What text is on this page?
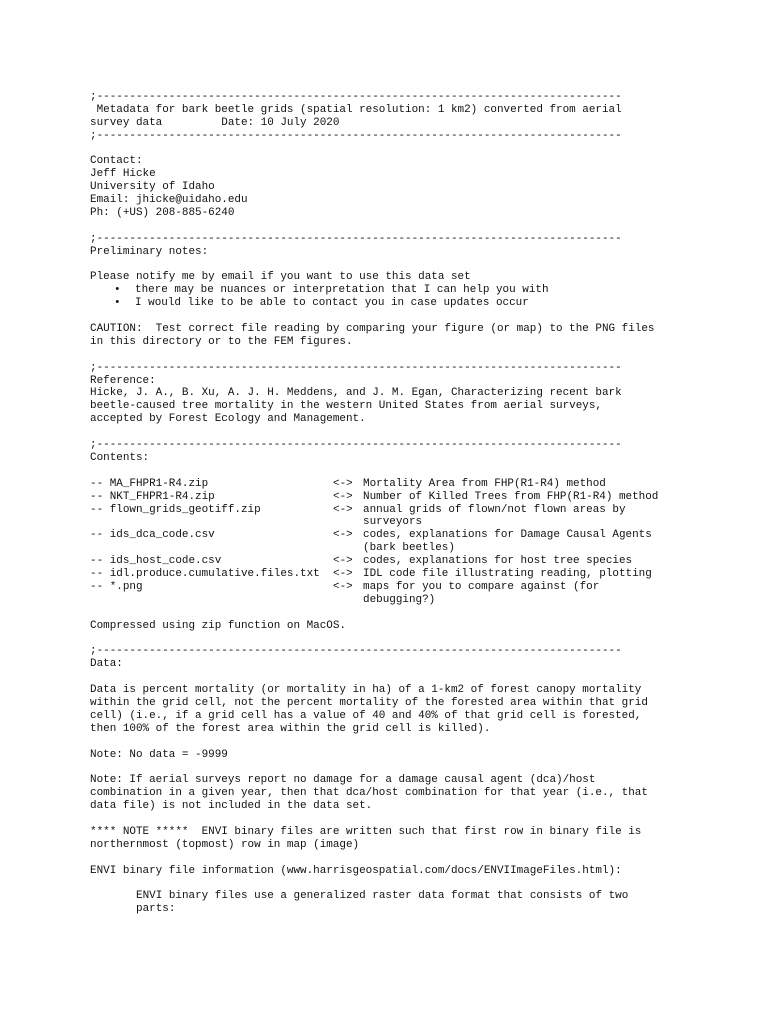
;--------------------------------------------------------------------------------
Metadata for bark beetle grids (spatial resolution: 1 km2) converted from aerial
survey data         Date: 10 July 2020
;--------------------------------------------------------------------------------
Contact:
Jeff Hicke
University of Idaho
Email: jhicke@uidaho.edu
Ph: (+US) 208-885-6240
;--------------------------------------------------------------------------------
Preliminary notes:
Please notify me by email if you want to use this data set
• there may be nuances or interpretation that I can help you with
• I would like to be able to contact you in case updates occur
CAUTION:  Test correct file reading by comparing your figure (or map) to the PNG files
in this directory or to the FEM figures.
;--------------------------------------------------------------------------------
Reference:
Hicke, J. A., B. Xu, A. J. H. Meddens, and J. M. Egan, Characterizing recent bark
beetle-caused tree mortality in the western United States from aerial surveys,
accepted by Forest Ecology and Management.
;--------------------------------------------------------------------------------
Contents:
-- MA_FHPR1-R4.zip	<-> Mortality Area from FHP(R1-R4) method
-- NKT_FHPR1-R4.zip	<-> Number of Killed Trees from FHP(R1-R4) method
-- flown_grids_geotiff.zip	<-> annual grids of flown/not flown areas by
surveyors
-- ids_dca_code.csv	<-> codes, explanations for Damage Causal Agents
(bark beetles)
-- ids_host_code.csv	<-> codes, explanations for host tree species
-- idl.produce.cumulative.files.txt	<-> IDL code file illustrating reading, plotting
-- *.png	<-> maps for you to compare against (for
debugging?)
Compressed using zip function on MacOS.
;--------------------------------------------------------------------------------
Data:
Data is percent mortality (or mortality in ha) of a 1-km2 of forest canopy mortality
within the grid cell, not the percent mortality of the forested area within that grid
cell) (i.e., if a grid cell has a value of 40 and 40% of that grid cell is forested,
then 100% of the forest area within the grid cell is killed).
Note: No data = -9999
Note: If aerial surveys report no damage for a damage causal agent (dca)/host
combination in a given year, then that dca/host combination for that year (i.e., that
data file) is not included in the data set.
**** NOTE *****  ENVI binary files are written such that first row in binary file is
northernmost (topmost) row in map (image)
ENVI binary file information (www.harrisgeospatial.com/docs/ENVIImageFiles.html):
ENVI binary files use a generalized raster data format that consists of two
parts:
